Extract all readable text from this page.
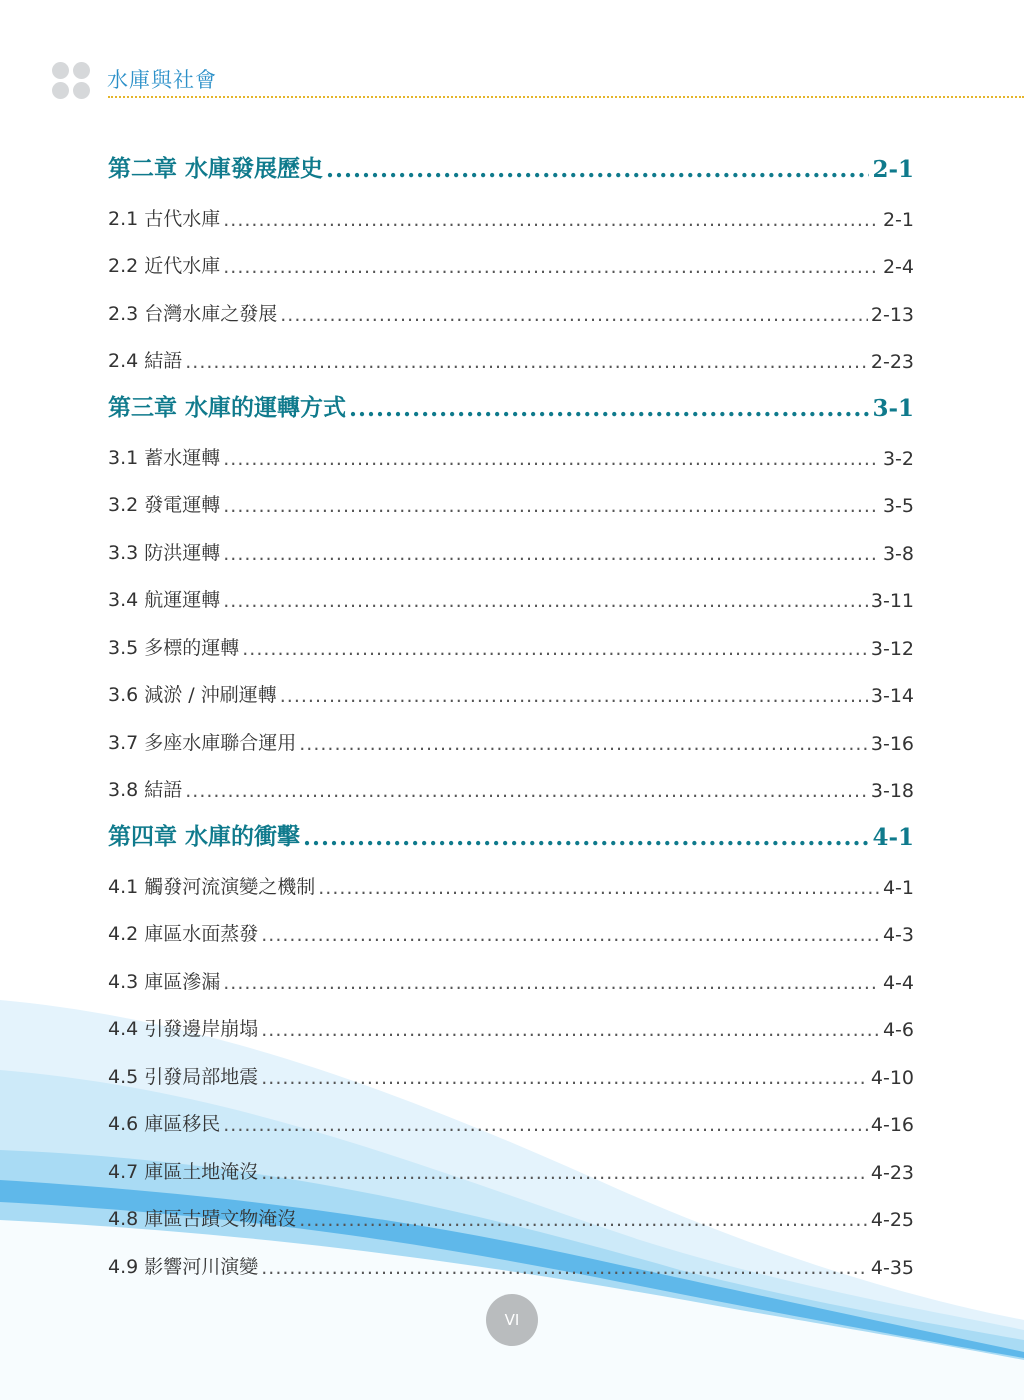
水庫與社會
第二章 水庫發展歷史 .....	2-1
2.1 古代水庫 .....	2-1
2.2 近代水庫 .....	2-4
2.3 台灣水庫之發展 .....	2-13
2.4 結語 .....	2-23
第三章 水庫的運轉方式 .....	3-1
3.1 蓄水運轉 .....	3-2
3.2 發電運轉 .....	3-5
3.3 防洪運轉 .....	3-8
3.4 航運運轉 .....	3-11
3.5 多標的運轉 .....	3-12
3.6 減淤 / 沖刷運轉 .....	3-14
3.7 多座水庫聯合運用 .....	3-16
3.8 結語 .....	3-18
第四章 水庫的衝擊 .....	4-1
4.1 觸發河流演變之機制 .....	4-1
4.2 庫區水面蒸發 .....	4-3
4.3 庫區滲漏 .....	4-4
4.4 引發邊岸崩塌 .....	4-6
4.5 引發局部地震 .....	4-10
4.6 庫區移民 .....	4-16
4.7 庫區土地淹沒 .....	4-23
4.8 庫區古蹟文物淹沒 .....	4-25
4.9 影響河川演變 .....	4-35
VI
